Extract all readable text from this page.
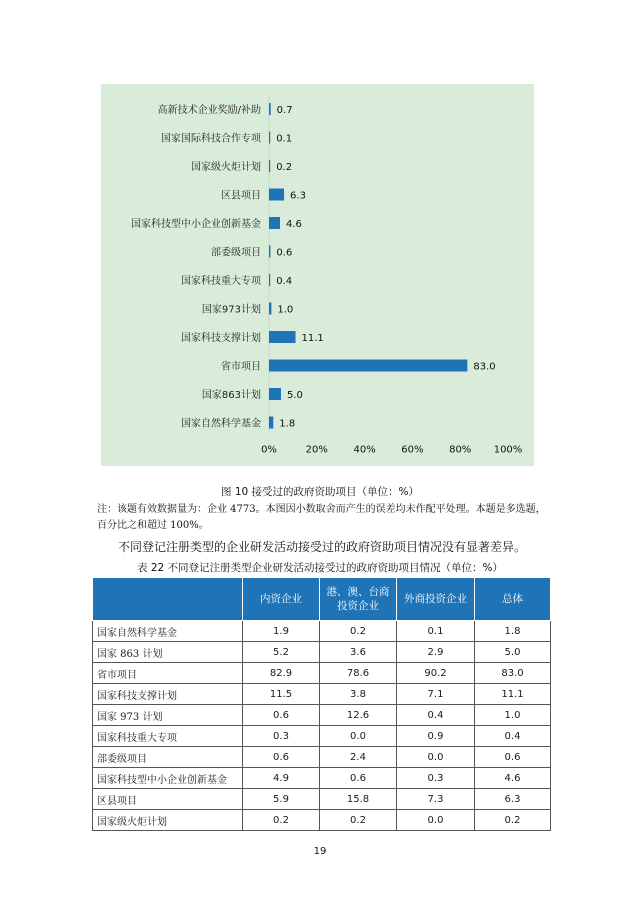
高新技术企业奖励/补助 0.7
国家国际科技合作专项 0.1
国家级火炬计划 0.2
区县项目	6.3
国家科技型中小企业创新基金 4.6
部委级项目 0.6
国家科技重大专项 0.4
国家973计划 1.0
国家科技支撑计划	11.1
省市项目	83.0
国家863计划	5.0
国家自然科学基金 1.8
0%	20%	40%	60%	80% 100%
图 10 接受过的政府资助项目（单位：%）
注：该题有效数据量为：企业 4773。本图因小数取舍而产生的误差均未作配平处理。本题是多选题，百分比之和超过 100%。
不同登记注册类型的企业研发活动接受过的政府资助项目情况没有显著差异。
表 22 不同登记注册类型企业研发活动接受过的政府资助项目情况（单位：%）
	内资企业	港、澳、台商投资企业	外商投资企业	总体
国家自然科学基金	1.9	0.2	0.1	1.8
国家 863 计划	5.2	3.6	2.9	5.0
省市项目	82.9	78.6	90.2	83.0
国家科技支撑计划	11.5	3.8	7.1	11.1
国家 973 计划	0.6	12.6	0.4	1.0
国家科技重大专项	0.3	0.0	0.9	0.4
部委级项目	0.6	2.4	0.0	0.6
国家科技型中小企业创新基金	4.9	0.6	0.3	4.6
区县项目	5.9	15.8	7.3	6.3
国家级火炬计划	0.2	0.2	0.0	0.2
19
